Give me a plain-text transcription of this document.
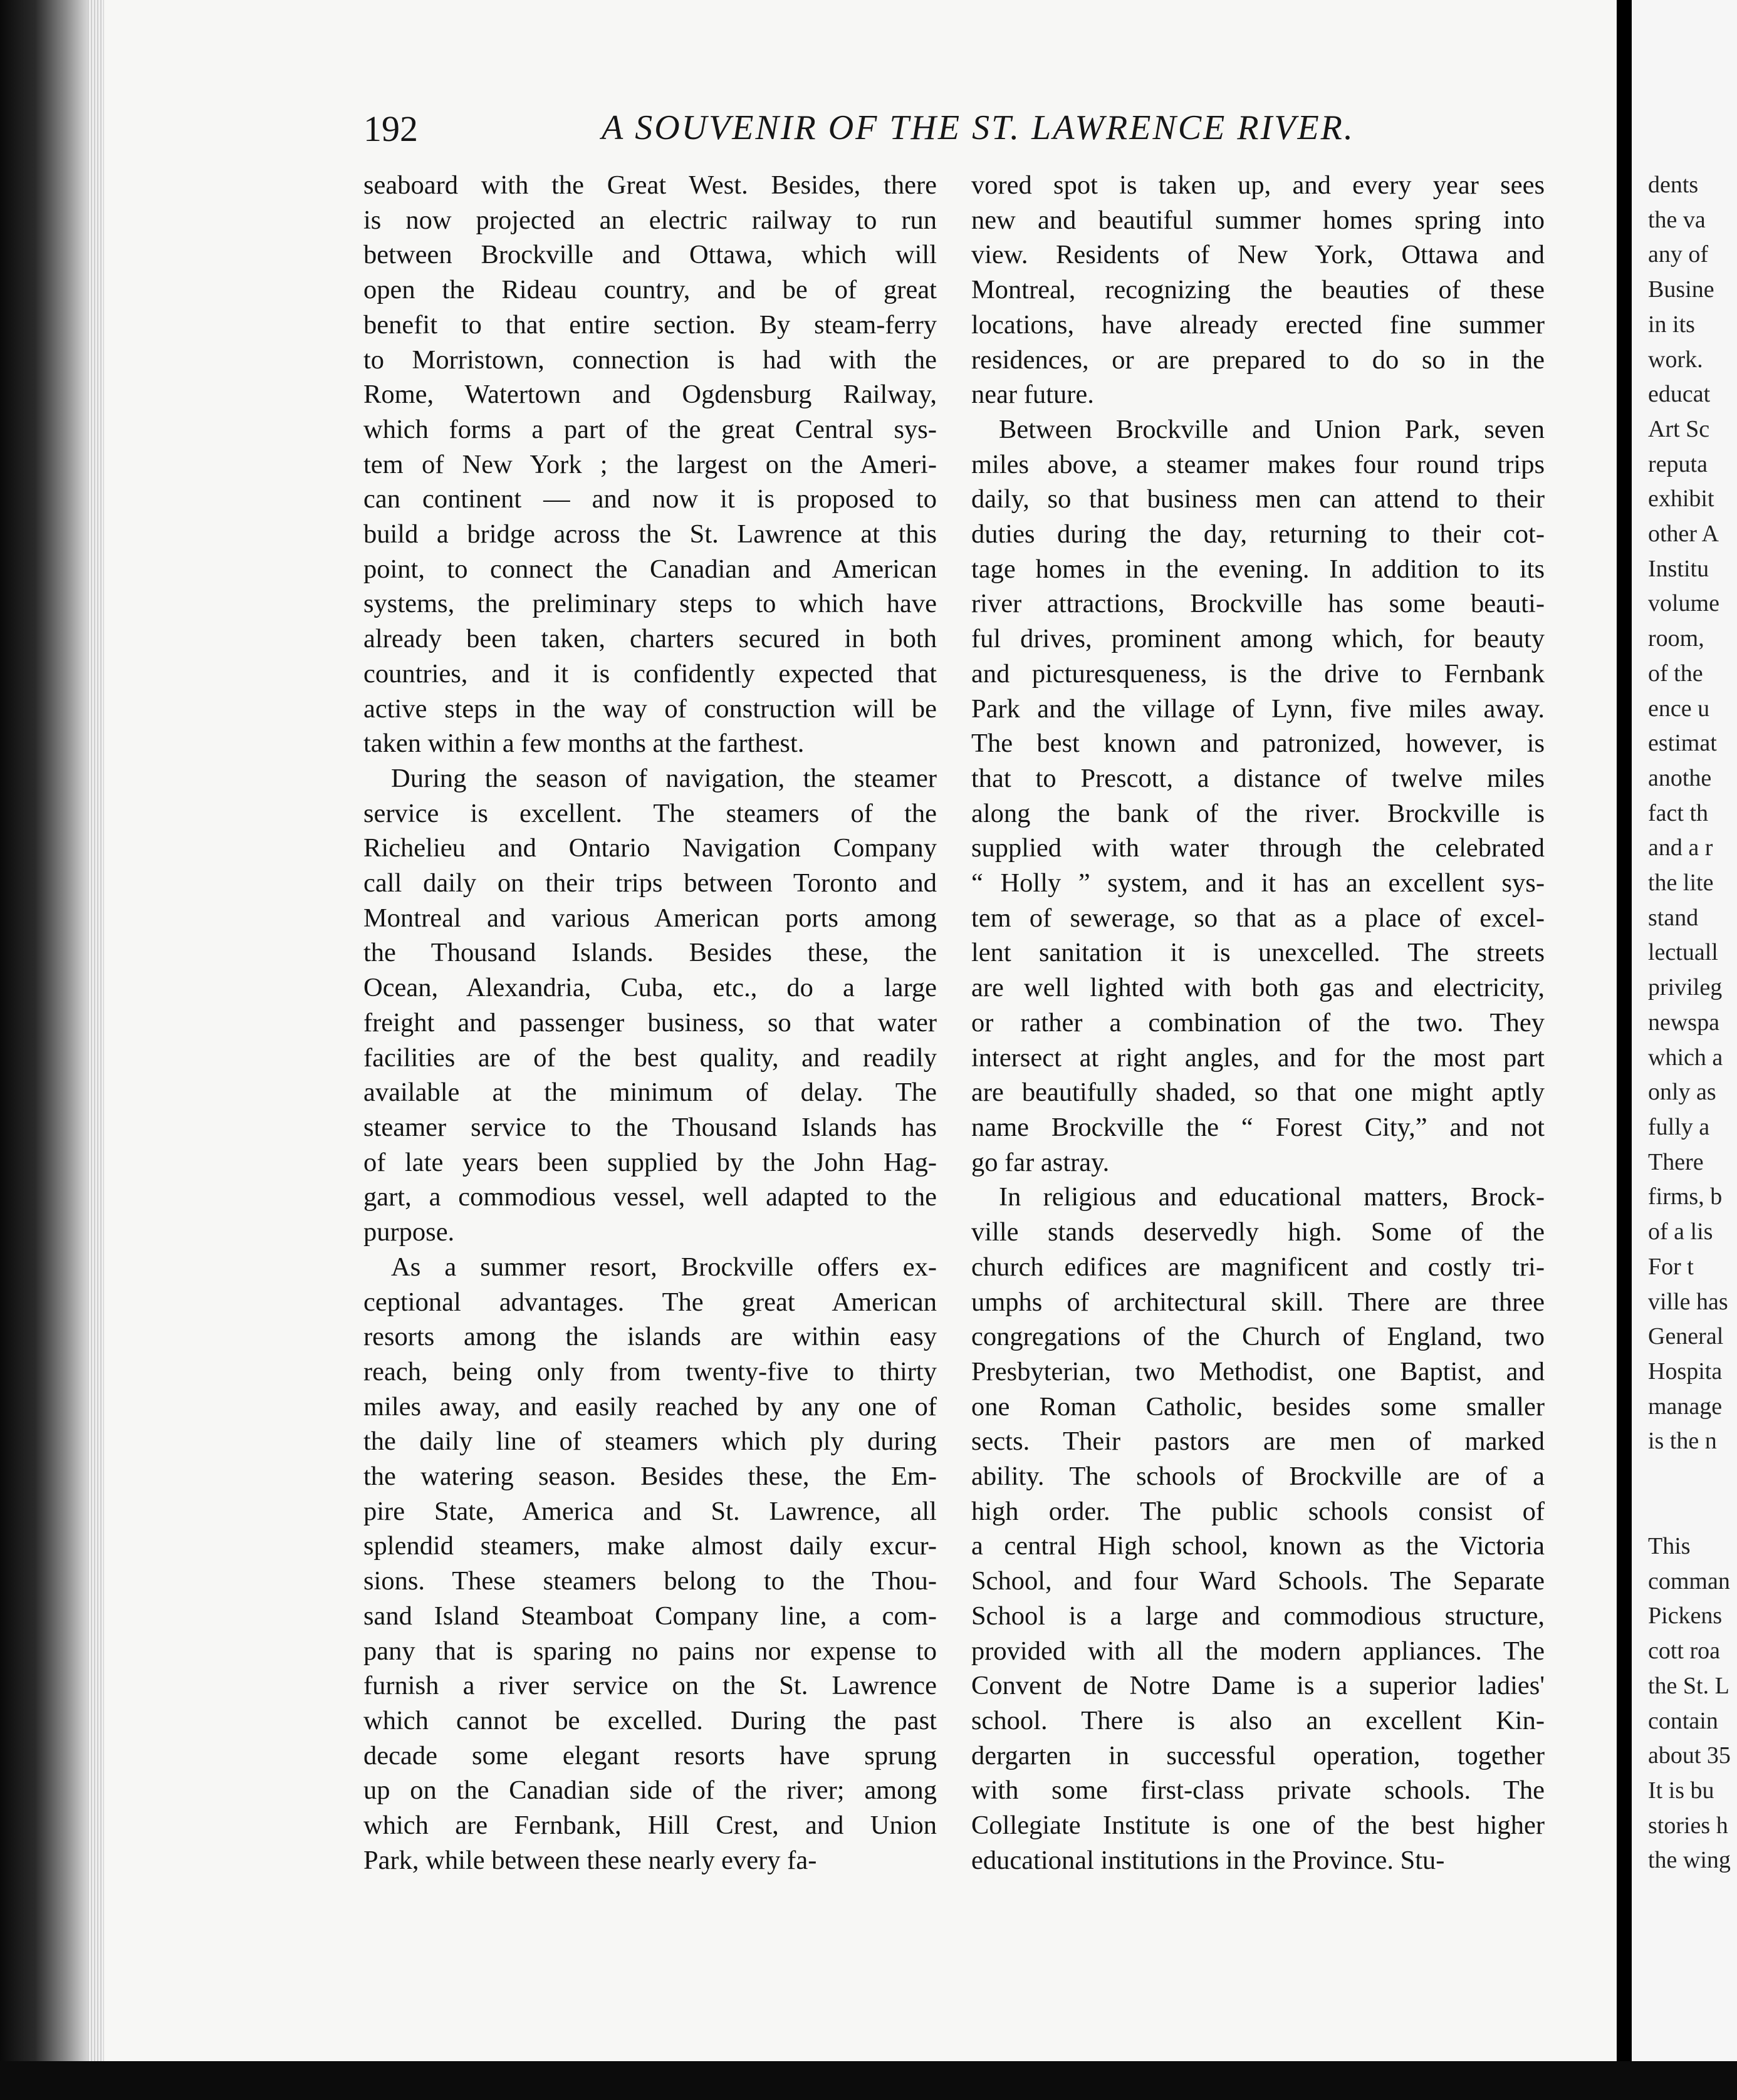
192	A SOUVENIR OF THE ST. LAWRENCE RIVER.

seaboard with the Great West. Besides, there
is now projected an electric railway to run
between Brockville and Ottawa, which will
open the Rideau country, and be of great
benefit to that entire section. By steam-ferry
to Morristown, connection is had with the
Rome, Watertown and Ogdensburg Railway,
which forms a part of the great Central sys-
tem of New York ; the largest on the Ameri-
can continent — and now it is proposed to
build a bridge across the St. Lawrence at this
point, to connect the Canadian and American
systems, the preliminary steps to which have
already been taken, charters secured in both
countries, and it is confidently expected that
active steps in the way of construction will be
taken within a few months at the farthest.

During the season of navigation, the steamer
service is excellent. The steamers of the
Richelieu and Ontario Navigation Company
call daily on their trips between Toronto and
Montreal and various American ports among
the Thousand Islands. Besides these, the
Ocean, Alexandria, Cuba, etc., do a large
freight and passenger business, so that water
facilities are of the best quality, and readily
available at the minimum of delay. The
steamer service to the Thousand Islands has
of late years been supplied by the John Hag-
gart, a commodious vessel, well adapted to the
purpose.

As a summer resort, Brockville offers ex-
ceptional advantages. The great American
resorts among the islands are within easy
reach, being only from twenty-five to thirty
miles away, and easily reached by any one of
the daily line of steamers which ply during
the watering season. Besides these, the Em-
pire State, America and St. Lawrence, all
splendid steamers, make almost daily excur-
sions. These steamers belong to the Thou-
sand Island Steamboat Company line, a com-
pany that is sparing no pains nor expense to
furnish a river service on the St. Lawrence
which cannot be excelled. During the past
decade some elegant resorts have sprung
up on the Canadian side of the river; among
which are Fernbank, Hill Crest, and Union
Park, while between these nearly every fa-

vored spot is taken up, and every year sees
new and beautiful summer homes spring into
view. Residents of New York, Ottawa and
Montreal, recognizing the beauties of these
locations, have already erected fine summer
residences, or are prepared to do so in the
near future.

Between Brockville and Union Park, seven
miles above, a steamer makes four round trips
daily, so that business men can attend to their
duties during the day, returning to their cot-
tage homes in the evening. In addition to its
river attractions, Brockville has some beauti-
ful drives, prominent among which, for beauty
and picturesqueness, is the drive to Fernbank
Park and the village of Lynn, five miles away.
The best known and patronized, however, is
that to Prescott, a distance of twelve miles
along the bank of the river. Brockville is
supplied with water through the celebrated
“ Holly ” system, and it has an excellent sys-
tem of sewerage, so that as a place of excel-
lent sanitation it is unexcelled. The streets
are well lighted with both gas and electricity,
or rather a combination of the two. They
intersect at right angles, and for the most part
are beautifully shaded, so that one might aptly
name Brockville the “ Forest City,” and not
go far astray.

In religious and educational matters, Brock-
ville stands deservedly high. Some of the
church edifices are magnificent and costly tri-
umphs of architectural skill. There are three
congregations of the Church of England, two
Presbyterian, two Methodist, one Baptist, and
one Roman Catholic, besides some smaller
sects. Their pastors are men of marked
ability. The schools of Brockville are of a
high order. The public schools consist of
a central High school, known as the Victoria
School, and four Ward Schools. The Separate
School is a large and commodious structure,
provided with all the modern appliances. The
Convent de Notre Dame is a superior ladies'
school. There is also an excellent Kin-
dergarten in successful operation, together
with some first-class private schools. The
Collegiate Institute is one of the best higher
educational institutions in the Province. Stu-

dents
the va
any of
Busine
in its
work.
educat
Art Sc
reputa
exhibit
other A
Institu
volume
room,
of the
ence u
estimat
anothe
fact th
and a r
the lite
stand
lectuall
privileg
newspa
which a
only as
fully a
There
firms, b
of a lis
For t
ville has
General
Hospita
manage
is the n
This
comman
Pickens
cott roa
the St. L
contain
about 35
It is bu
stories h
the wing
